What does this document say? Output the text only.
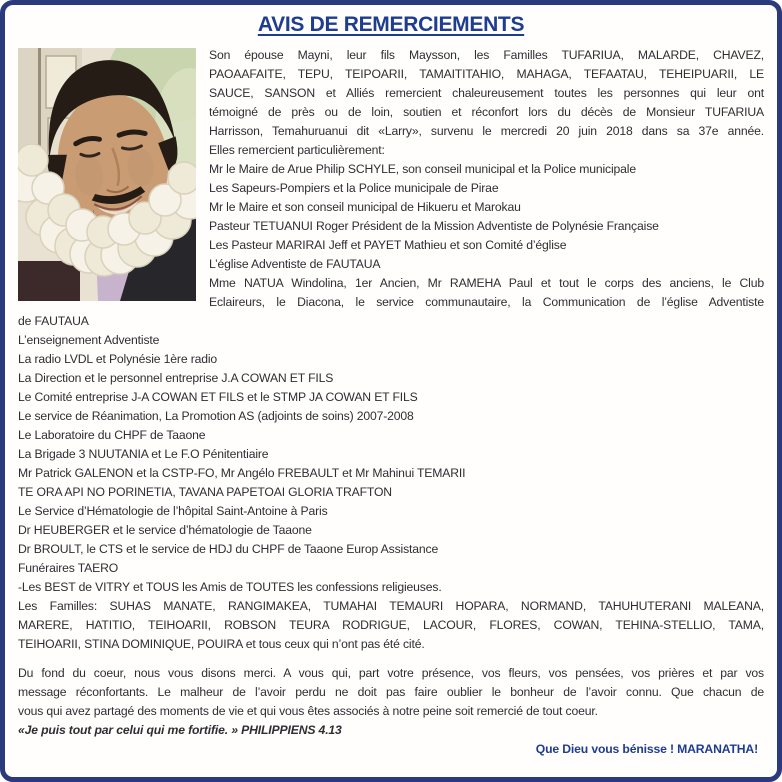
AVIS DE REMERCIEMENTS
Son épouse Mayni, leur fils Maysson, les Familles TUFARIUA, MALARDE, CHAVEZ,
PAOAAFAITE, TEPU, TEIPOARII, TAMAITITAHIO, MAHAGA, TEFAATAU, TEHEIPUARII, LE
SAUCE, SANSON et Alliés remercient chaleureusement toutes les personnes qui leur ont
témoigné de près ou de loin, soutien et réconfort lors du décès de Monsieur TUFARIUA
Harrisson, Temahuruanui dit «Larry», survenu le mercredi 20 juin 2018 dans sa 37e année.
Elles remercient particulièrement:
Mr le Maire de Arue Philip SCHYLE, son conseil municipal et la Police municipale
Les Sapeurs-Pompiers et la Police municipale de Pirae
Mr le Maire et son conseil municipal de Hikueru et Marokau
Pasteur TETUANUI Roger Président de la Mission Adventiste de Polynésie Française
Les Pasteur MARIRAI Jeff et PAYET Mathieu et son Comité d’église
L’église Adventiste de FAUTAUA
Mme NATUA Windolina, 1er Ancien, Mr RAMEHA Paul et tout le corps des anciens, le Club
Eclaireurs, le Diacona, le service communautaire, la Communication de l’église Adventiste
de FAUTAUA
L’enseignement Adventiste
La radio LVDL et Polynésie 1ère radio
La Direction et le personnel entreprise J.A COWAN ET FILS
Le Comité entreprise J-A COWAN ET FILS et le STMP JA COWAN ET FILS
Le service de Réanimation, La Promotion AS (adjoints de soins) 2007-2008
Le Laboratoire du CHPF de Taaone
La Brigade 3 NUUTANIA et Le F.O Pénitentiaire
Mr Patrick GALENON et la CSTP-FO, Mr Angélo FREBAULT et Mr Mahinui TEMARII
TE ORA API NO PORINETIA, TAVANA PAPETOAI GLORIA TRAFTON
Le Service d’Hématologie de l’hôpital Saint-Antoine à Paris
Dr HEUBERGER et le service d’hématologie de Taaone
Dr BROULT, le CTS et le service de HDJ du CHPF de Taaone Europ Assistance
Funéraires TAERO
-Les BEST de VITRY et TOUS les Amis de TOUTES les confessions religieuses.
Les Familles: SUHAS MANATE, RANGIMAKEA, TUMAHAI TEMAURI HOPARA, NORMAND, TAHUHUTERANI MALEANA,
MARERE, HATITIO, TEIHOARII, ROBSON TEURA RODRIGUE, LACOUR, FLORES, COWAN, TEHINA-STELLIO, TAMA,
TEIHOARII, STINA DOMINIQUE, POUIRA et tous ceux qui n’ont pas été cité.
Du fond du coeur, nous vous disons merci. A vous qui, part votre présence, vos fleurs, vos pensées, vos prières et par vos
message réconfortants. Le malheur de l’avoir perdu ne doit pas faire oublier le bonheur de l’avoir connu. Que chacun de
vous qui avez partagé des moments de vie et qui vous êtes associés à notre peine soit remercié de tout coeur.
«Je puis tout par celui qui me fortifie. » PHILIPPIENS 4.13
Que Dieu vous bénisse ! MARANATHA!
